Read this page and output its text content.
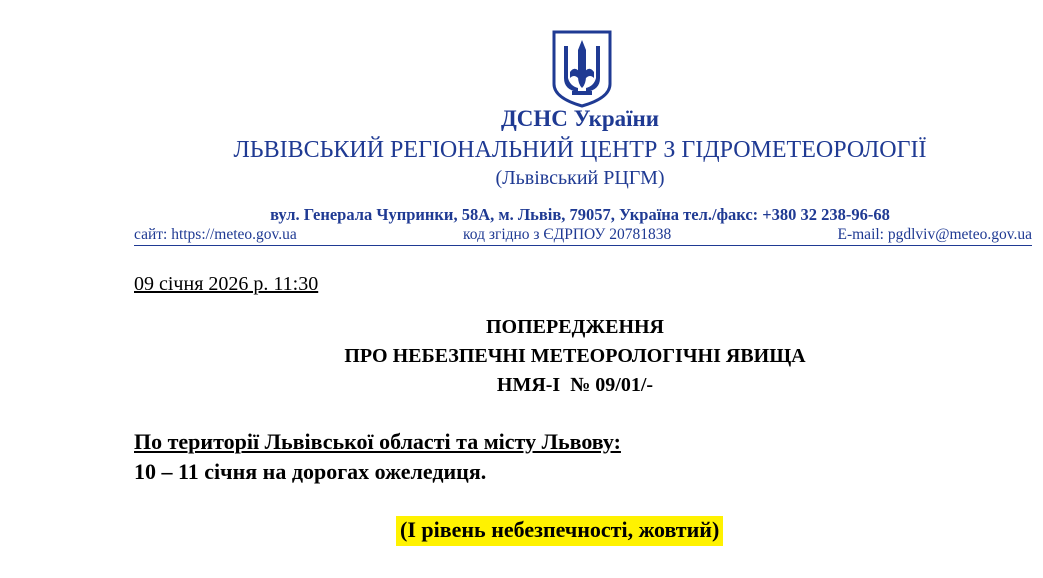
ДСНС України
ЛЬВІВСЬКИЙ РЕГІОНАЛЬНИЙ ЦЕНТР З ГІДРОМЕТЕОРОЛОГІЇ
(Львівський РЦГМ)
вул. Генерала Чупринки, 58А, м. Львів, 79057, Україна тел./факс: +380 32 238-96-68
сайт: https://meteo.gov.ua	код згідно з ЄДРПОУ 20781838	E-mail: pgdlviv@meteo.gov.ua
09 січня 2026 р. 11:30
ПОПЕРЕДЖЕННЯ
ПРО НЕБЕЗПЕЧНІ МЕТЕОРОЛОГІЧНІ ЯВИЩА
НМЯ-І  № 09/01/-
По території Львівської області та місту Львову:
10 – 11 січня на дорогах ожеледиця.
(І рівень небезпечності, жовтий)
